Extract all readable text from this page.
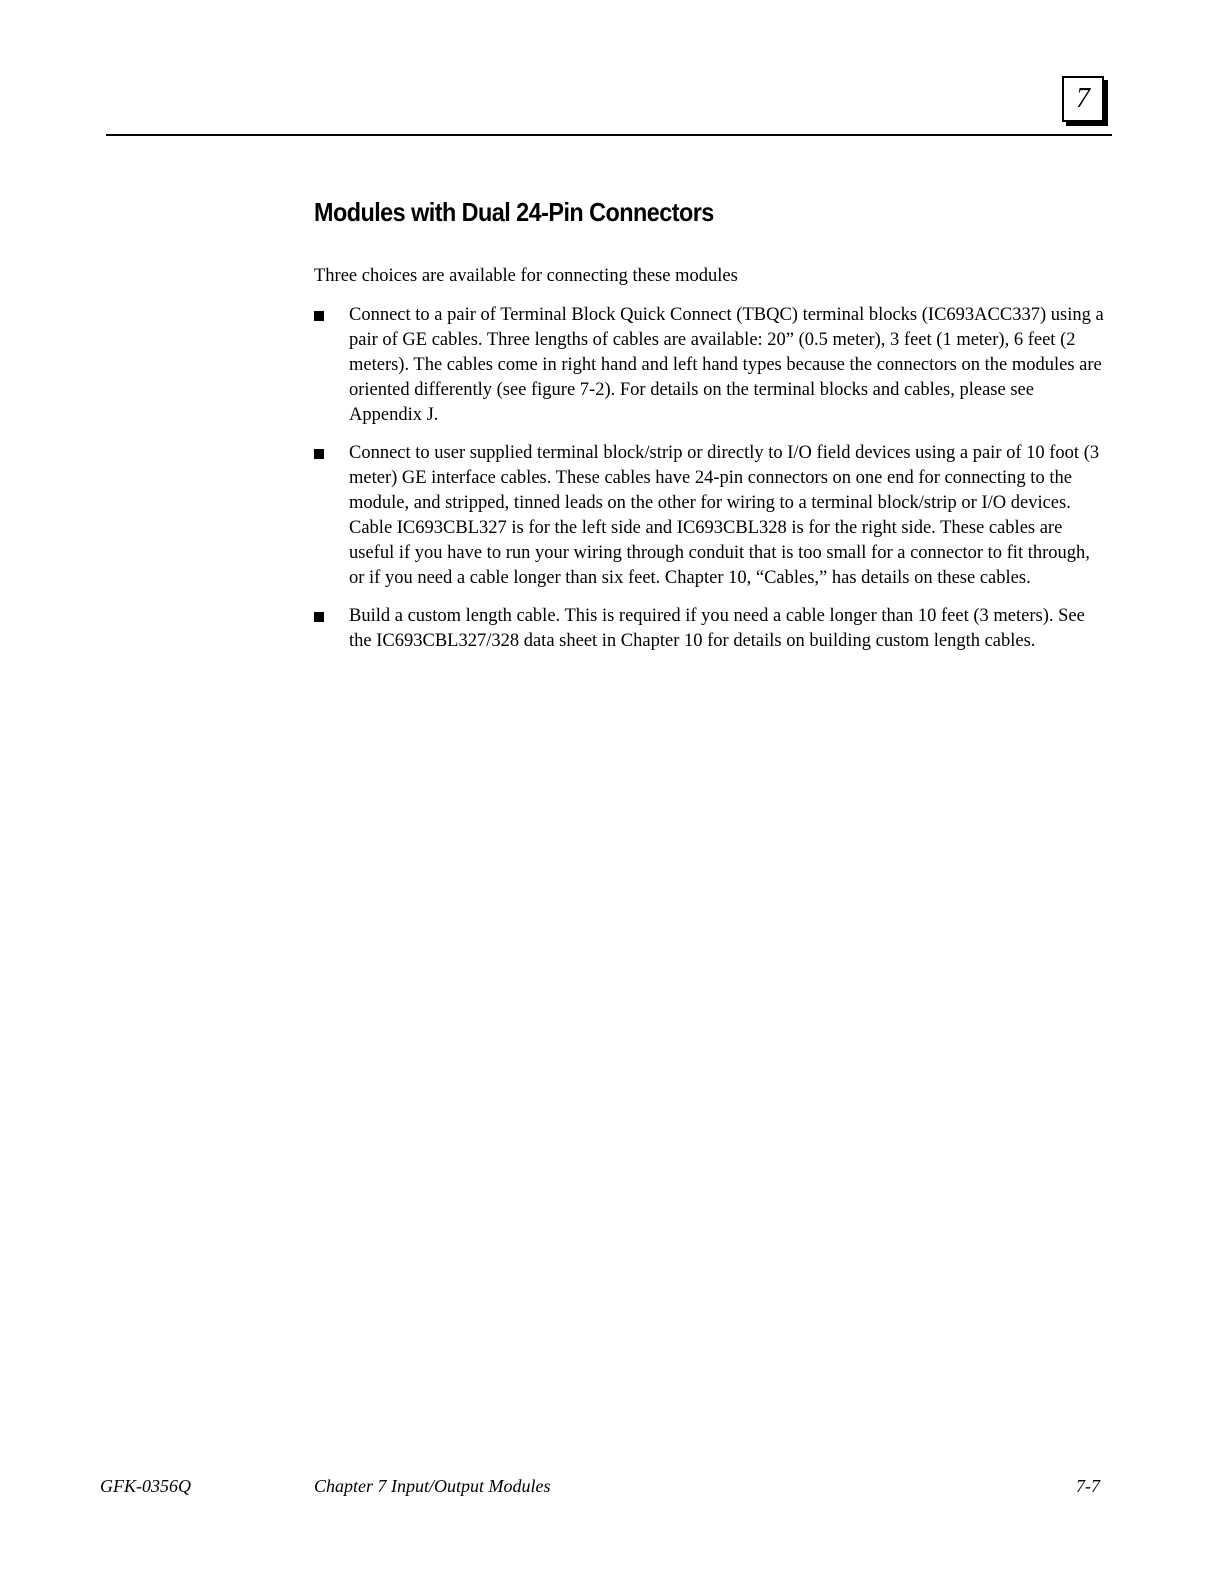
7
Modules with Dual 24-Pin Connectors

Three choices are available for connecting these modules

Connect to a pair of Terminal Block Quick Connect (TBQC) terminal blocks (IC693ACC337) using a pair of GE cables. Three lengths of cables are available: 20” (0.5 meter), 3 feet (1 meter), 6 feet (2 meters). The cables come in right hand and left hand types because the connectors on the modules are oriented differently (see figure 7-2). For details on the terminal blocks and cables, please see Appendix J.
Connect to user supplied terminal block/strip or directly to I/O field devices using a pair of 10 foot (3 meter) GE interface cables. These cables have 24-pin connectors on one end for connecting to the module, and stripped, tinned leads on the other for wiring to a terminal block/strip or I/O devices. Cable IC693CBL327 is for the left side and IC693CBL328 is for the right side. These cables are useful if you have to run your wiring through conduit that is too small for a connector to fit through, or if you need a cable longer than six feet. Chapter 10, “Cables,” has details on these cables.
Build a custom length cable. This is required if you need a cable longer than 10 feet (3 meters). See the IC693CBL327/328 data sheet in Chapter 10 for details on building custom length cables.
GFK-0356Q	Chapter 7 Input/Output Modules	7-7
